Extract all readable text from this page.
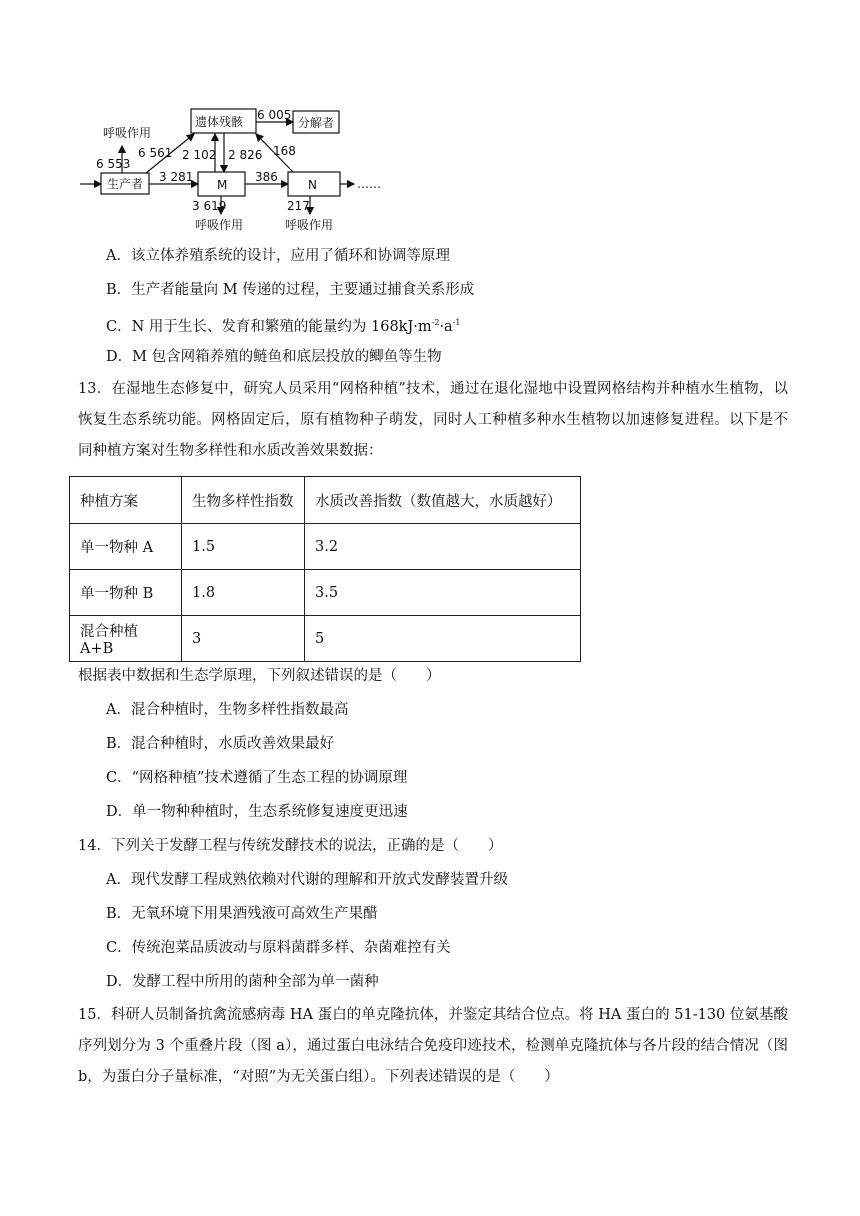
遗体残骸	分解者
生产者	M	N
呼吸作用
6 553
6 561
3 281
2 102 2 826
6 005
168
386
3 619	217
……
呼吸作用	呼吸作用
A．该立体养殖系统的设计，应用了循环和协调等原理
B．生产者能量向 M 传递的过程，主要通过捕食关系形成
C．N 用于生长、发育和繁殖的能量约为 $168kJ\cdot m^{-2}\cdot a^{-1}$
D．M 包含网箱养殖的鲢鱼和底层投放的鲫鱼等生物
13．在湿地生态修复中，研究人员采用“网格种植”技术，通过在退化湿地中设置网格结构并种植水生植物，以恢复生态系统功能。网格固定后，原有植物种子萌发，同时人工种植多种水生植物以加速修复进程。以下是不同种植方案对生物多样性和水质改善效果数据：
种植方案	生物多样性指数	水质改善指数（数值越大，水质越好）
单一物种 A	1.5	3.2
单一物种 B	1.8	3.5
混合种植 A+B	3	5
根据表中数据和生态学原理，下列叙述错误的是（　　）
A．混合种植时，生物多样性指数最高
B．混合种植时，水质改善效果最好
C．“网格种植”技术遵循了生态工程的协调原理
D．单一物种种植时，生态系统修复速度更迅速
14．下列关于发酵工程与传统发酵技术的说法，正确的是（　　）
A．现代发酵工程成熟依赖对代谢的理解和开放式发酵装置升级
B．无氧环境下用果酒残液可高效生产果醋
C．传统泡菜品质波动与原料菌群多样、杂菌难控有关
D．发酵工程中所用的菌种全部为单一菌种
15．科研人员制备抗禽流感病毒 HA 蛋白的单克隆抗体，并鉴定其结合位点。将 HA 蛋白的 51-130 位氨基酸序列划分为 3 个重叠片段（图 a），通过蛋白电泳结合免疫印迹技术，检测单克隆抗体与各片段的结合情况（图 b，为蛋白分子量标准，“对照”为无关蛋白组）。下列表述错误的是（　　）
